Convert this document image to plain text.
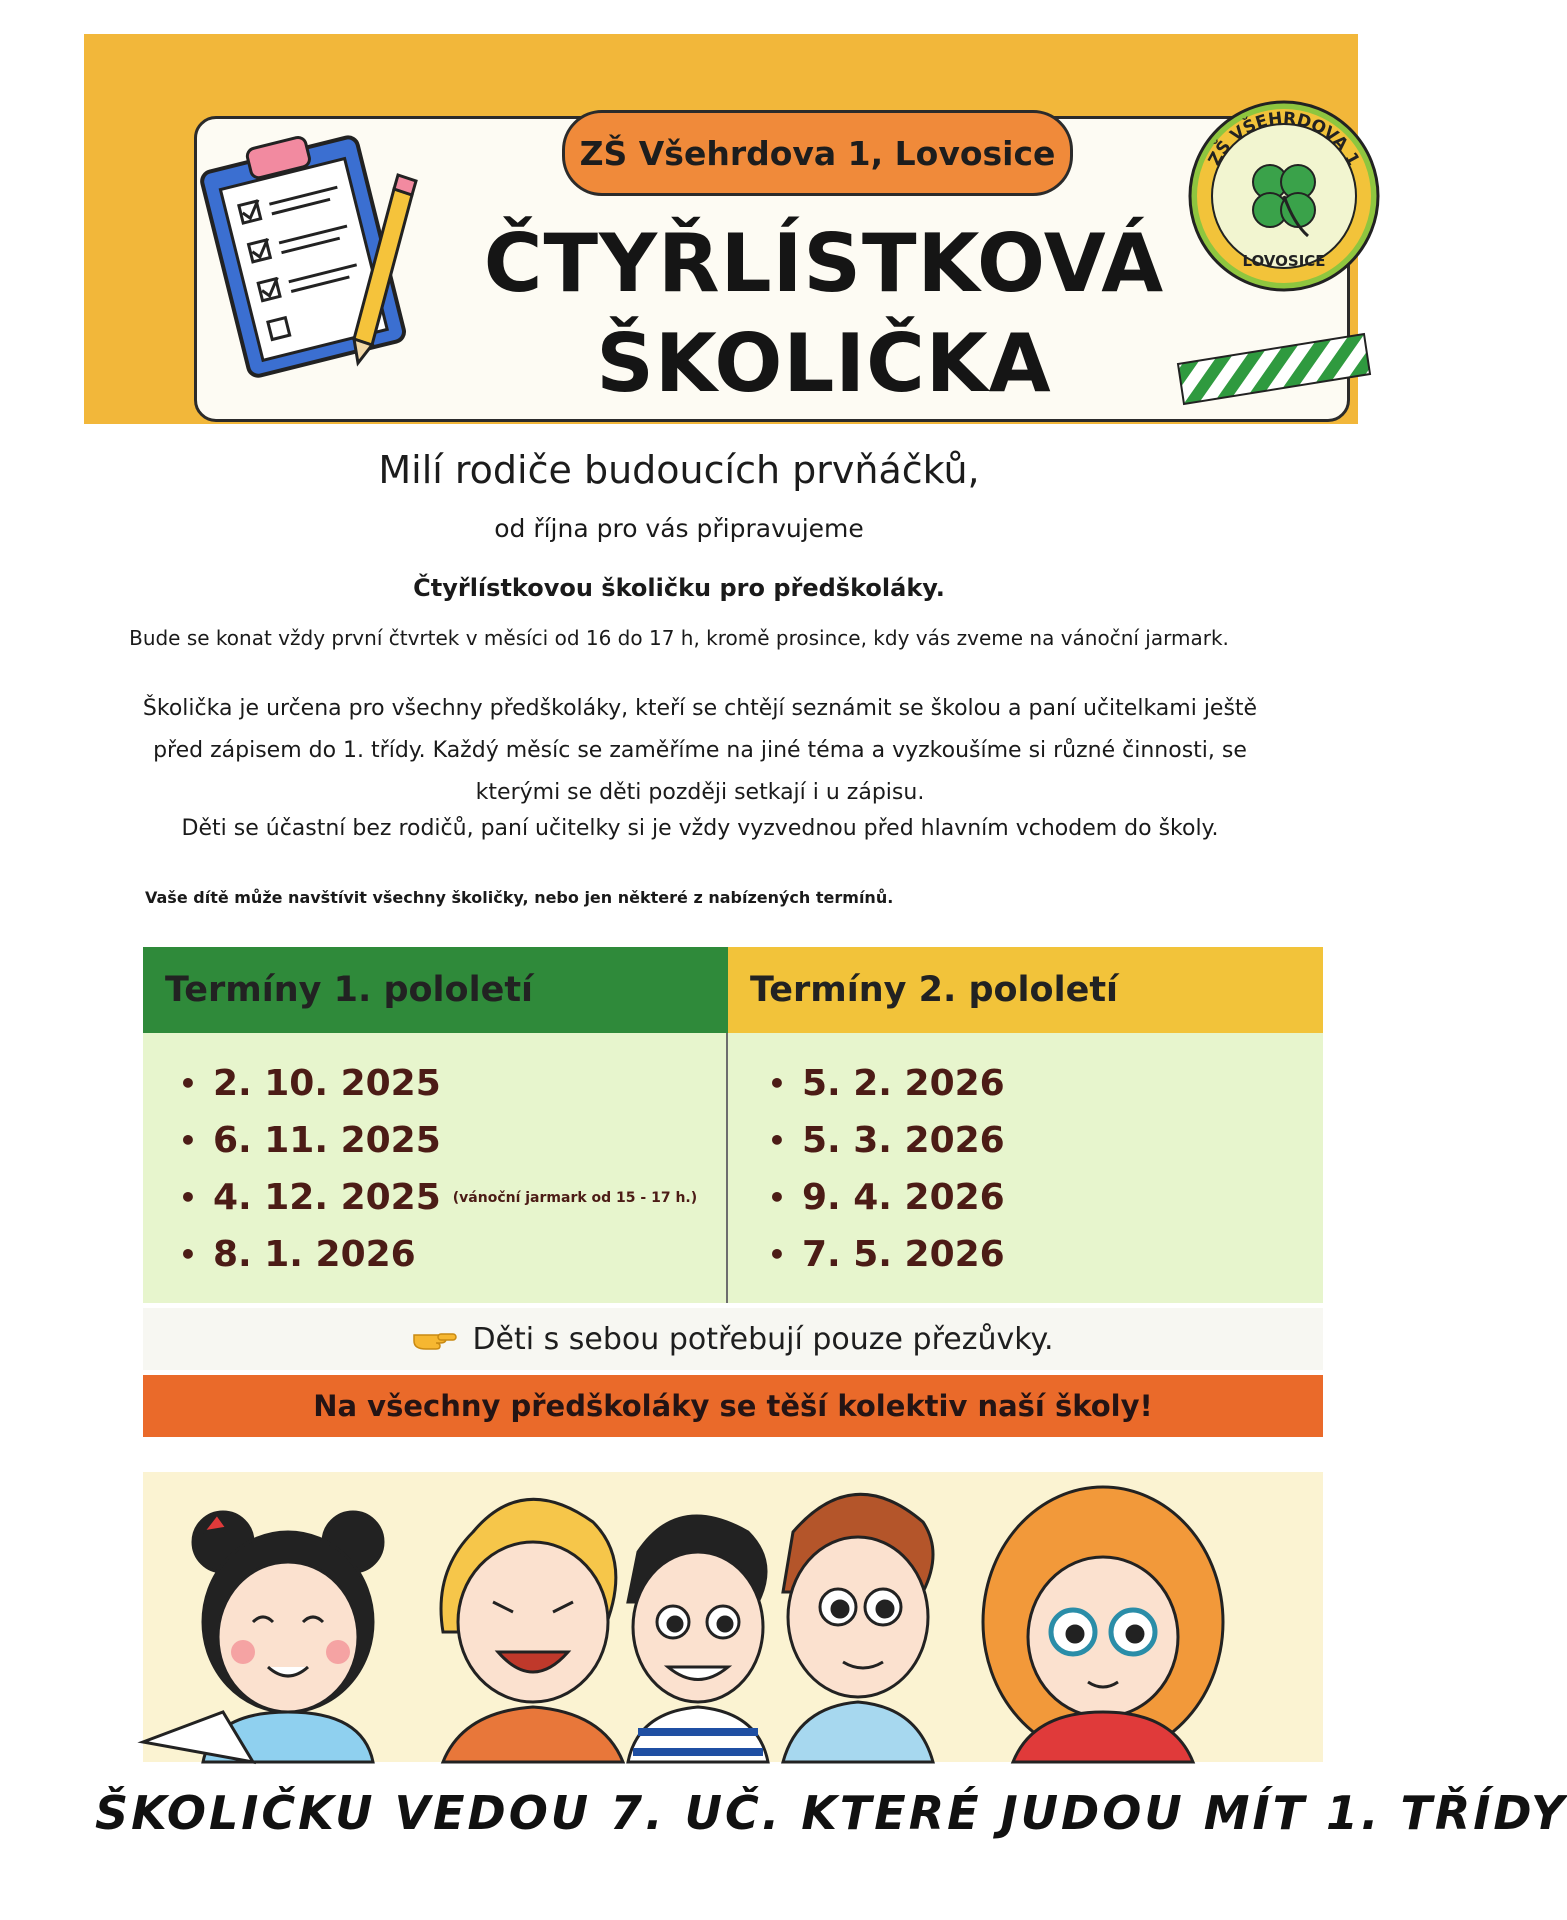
ZŠ Všehrdova 1, Lovosice
ČTYŘLÍSTKOVÁ
ŠKOLIČKA
ZŠ VŠEHRDOVA 1
LOVOSICE
Milí rodiče budoucích prvňáčků,
od října pro vás připravujeme
Čtyřlístkovou školičku pro předškoláky.
Bude se konat vždy první čtvrtek v měsíci od 16 do 17 h, kromě prosince, kdy vás zveme na vánoční jarmark.
Školička je určena pro všechny předškoláky, kteří se chtějí seznámit se školou a paní učitelkami ještě před zápisem do 1. třídy. Každý měsíc se zaměříme na jiné téma a vyzkoušíme si různé činnosti, se kterými se děti později setkají i u zápisu.
Děti se účastní bez rodičů, paní učitelky si je vždy vyzvednou před hlavním vchodem do školy.
Vaše dítě může navštívit všechny školičky, nebo jen některé z nabízených termínů.
Termíny 1. pololetí	Termíny 2. pololetí
• 2. 10. 2025
• 6. 11. 2025
• 4. 12. 2025 (vánoční jarmark od 15 - 17 h.)
• 8. 1. 2026
• 5. 2. 2026
• 5. 3. 2026
• 9. 4. 2026
• 7. 5. 2026
Děti s sebou potřebují pouze přezůvky.
Na všechny předškoláky se těší kolektiv naší školy!
ŠKOLIČKU VEDOU 7. UČ. KTERÉ JUDOU MÍT 1. TŘÍDY
